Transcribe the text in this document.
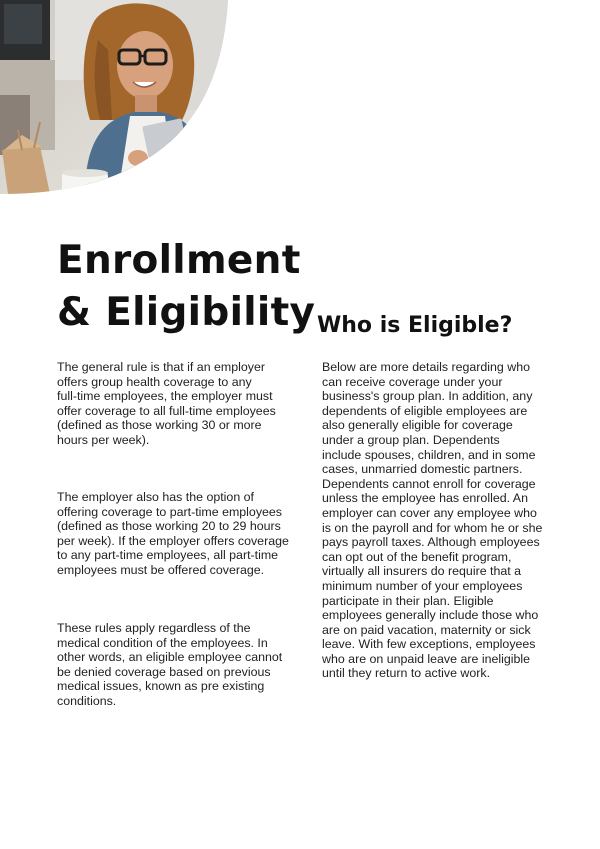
Enrollment
& Eligibility Who is Eligible?

The general rule is that if an employer
offers group health coverage to any
full-time employees, the employer must
offer coverage to all full-time employees
(defined as those working 30 or more
hours per week).

The employer also has the option of
offering coverage to part-time employees
(defined as those working 20 to 29 hours
per week). If the employer offers coverage
to any part-time employees, all part-time
employees must be offered coverage.

These rules apply regardless of the
medical condition of the employees. In
other words, an eligible employee cannot
be denied coverage based on previous
medical issues, known as pre existing
conditions.

Below are more details regarding who
can receive coverage under your
business's group plan. In addition, any
dependents of eligible employees are
also generally eligible for coverage
under a group plan. Dependents
include spouses, children, and in some
cases, unmarried domestic partners.
Dependents cannot enroll for coverage
unless the employee has enrolled. An
employer can cover any employee who
is on the payroll and for whom he or she
pays payroll taxes. Although employees
can opt out of the benefit program,
virtually all insurers do require that a
minimum number of your employees
participate in their plan. Eligible
employees generally include those who
are on paid vacation, maternity or sick
leave. With few exceptions, employees
who are on unpaid leave are ineligible
until they return to active work.
